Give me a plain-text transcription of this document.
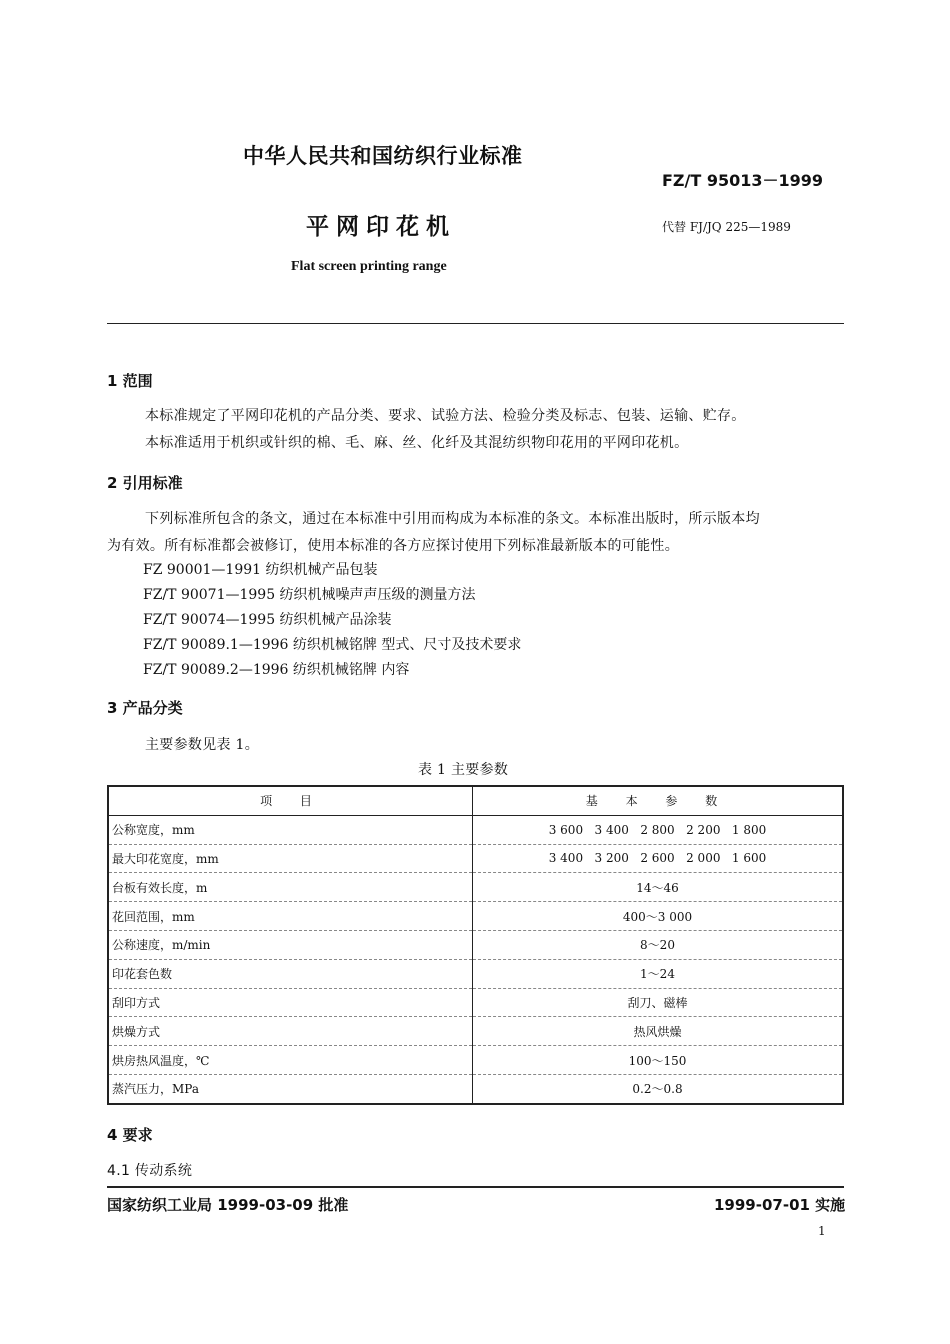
中华人民共和国纺织行业标准
FZ/T 95013－1999
平网印花机	代替 FJ/JQ 225—1989
Flat screen printing range
1 范围
本标准规定了平网印花机的产品分类、要求、试验方法、检验分类及标志、包装、运输、贮存。
本标准适用于机织或针织的棉、毛、麻、丝、化纤及其混纺织物印花用的平网印花机。
2 引用标准
下列标准所包含的条文，通过在本标准中引用而构成为本标准的条文。本标准出版时，所示版本均
为有效。所有标准都会被修订，使用本标准的各方应探讨使用下列标准最新版本的可能性。
FZ 90001—1991 纺织机械产品包装
FZ/T 90071—1995 纺织机械噪声声压级的测量方法
FZ/T 90074—1995 纺织机械产品涂装
FZ/T 90089.1—1996 纺织机械铭牌 型式、尺寸及技术要求
FZ/T 90089.2—1996 纺织机械铭牌 内容
3 产品分类
主要参数见表 1。
表 1 主要参数
项 目	基 本 参 数
公称宽度，mm	3 600   3 400   2 800   2 200   1 800
最大印花宽度，mm	3 400   3 200   2 600   2 000   1 600
台板有效长度，m	14～46
花回范围，mm	400～3 000
公称速度，m/min	8～20
印花套色数	1～24
刮印方式	刮刀、磁棒
烘燥方式	热风烘燥
烘房热风温度，℃	100～150
蒸汽压力，MPa	0.2～0.8
4 要求
4.1 传动系统
国家纺织工业局 1999-03-09 批准	1999-07-01 实施
1
